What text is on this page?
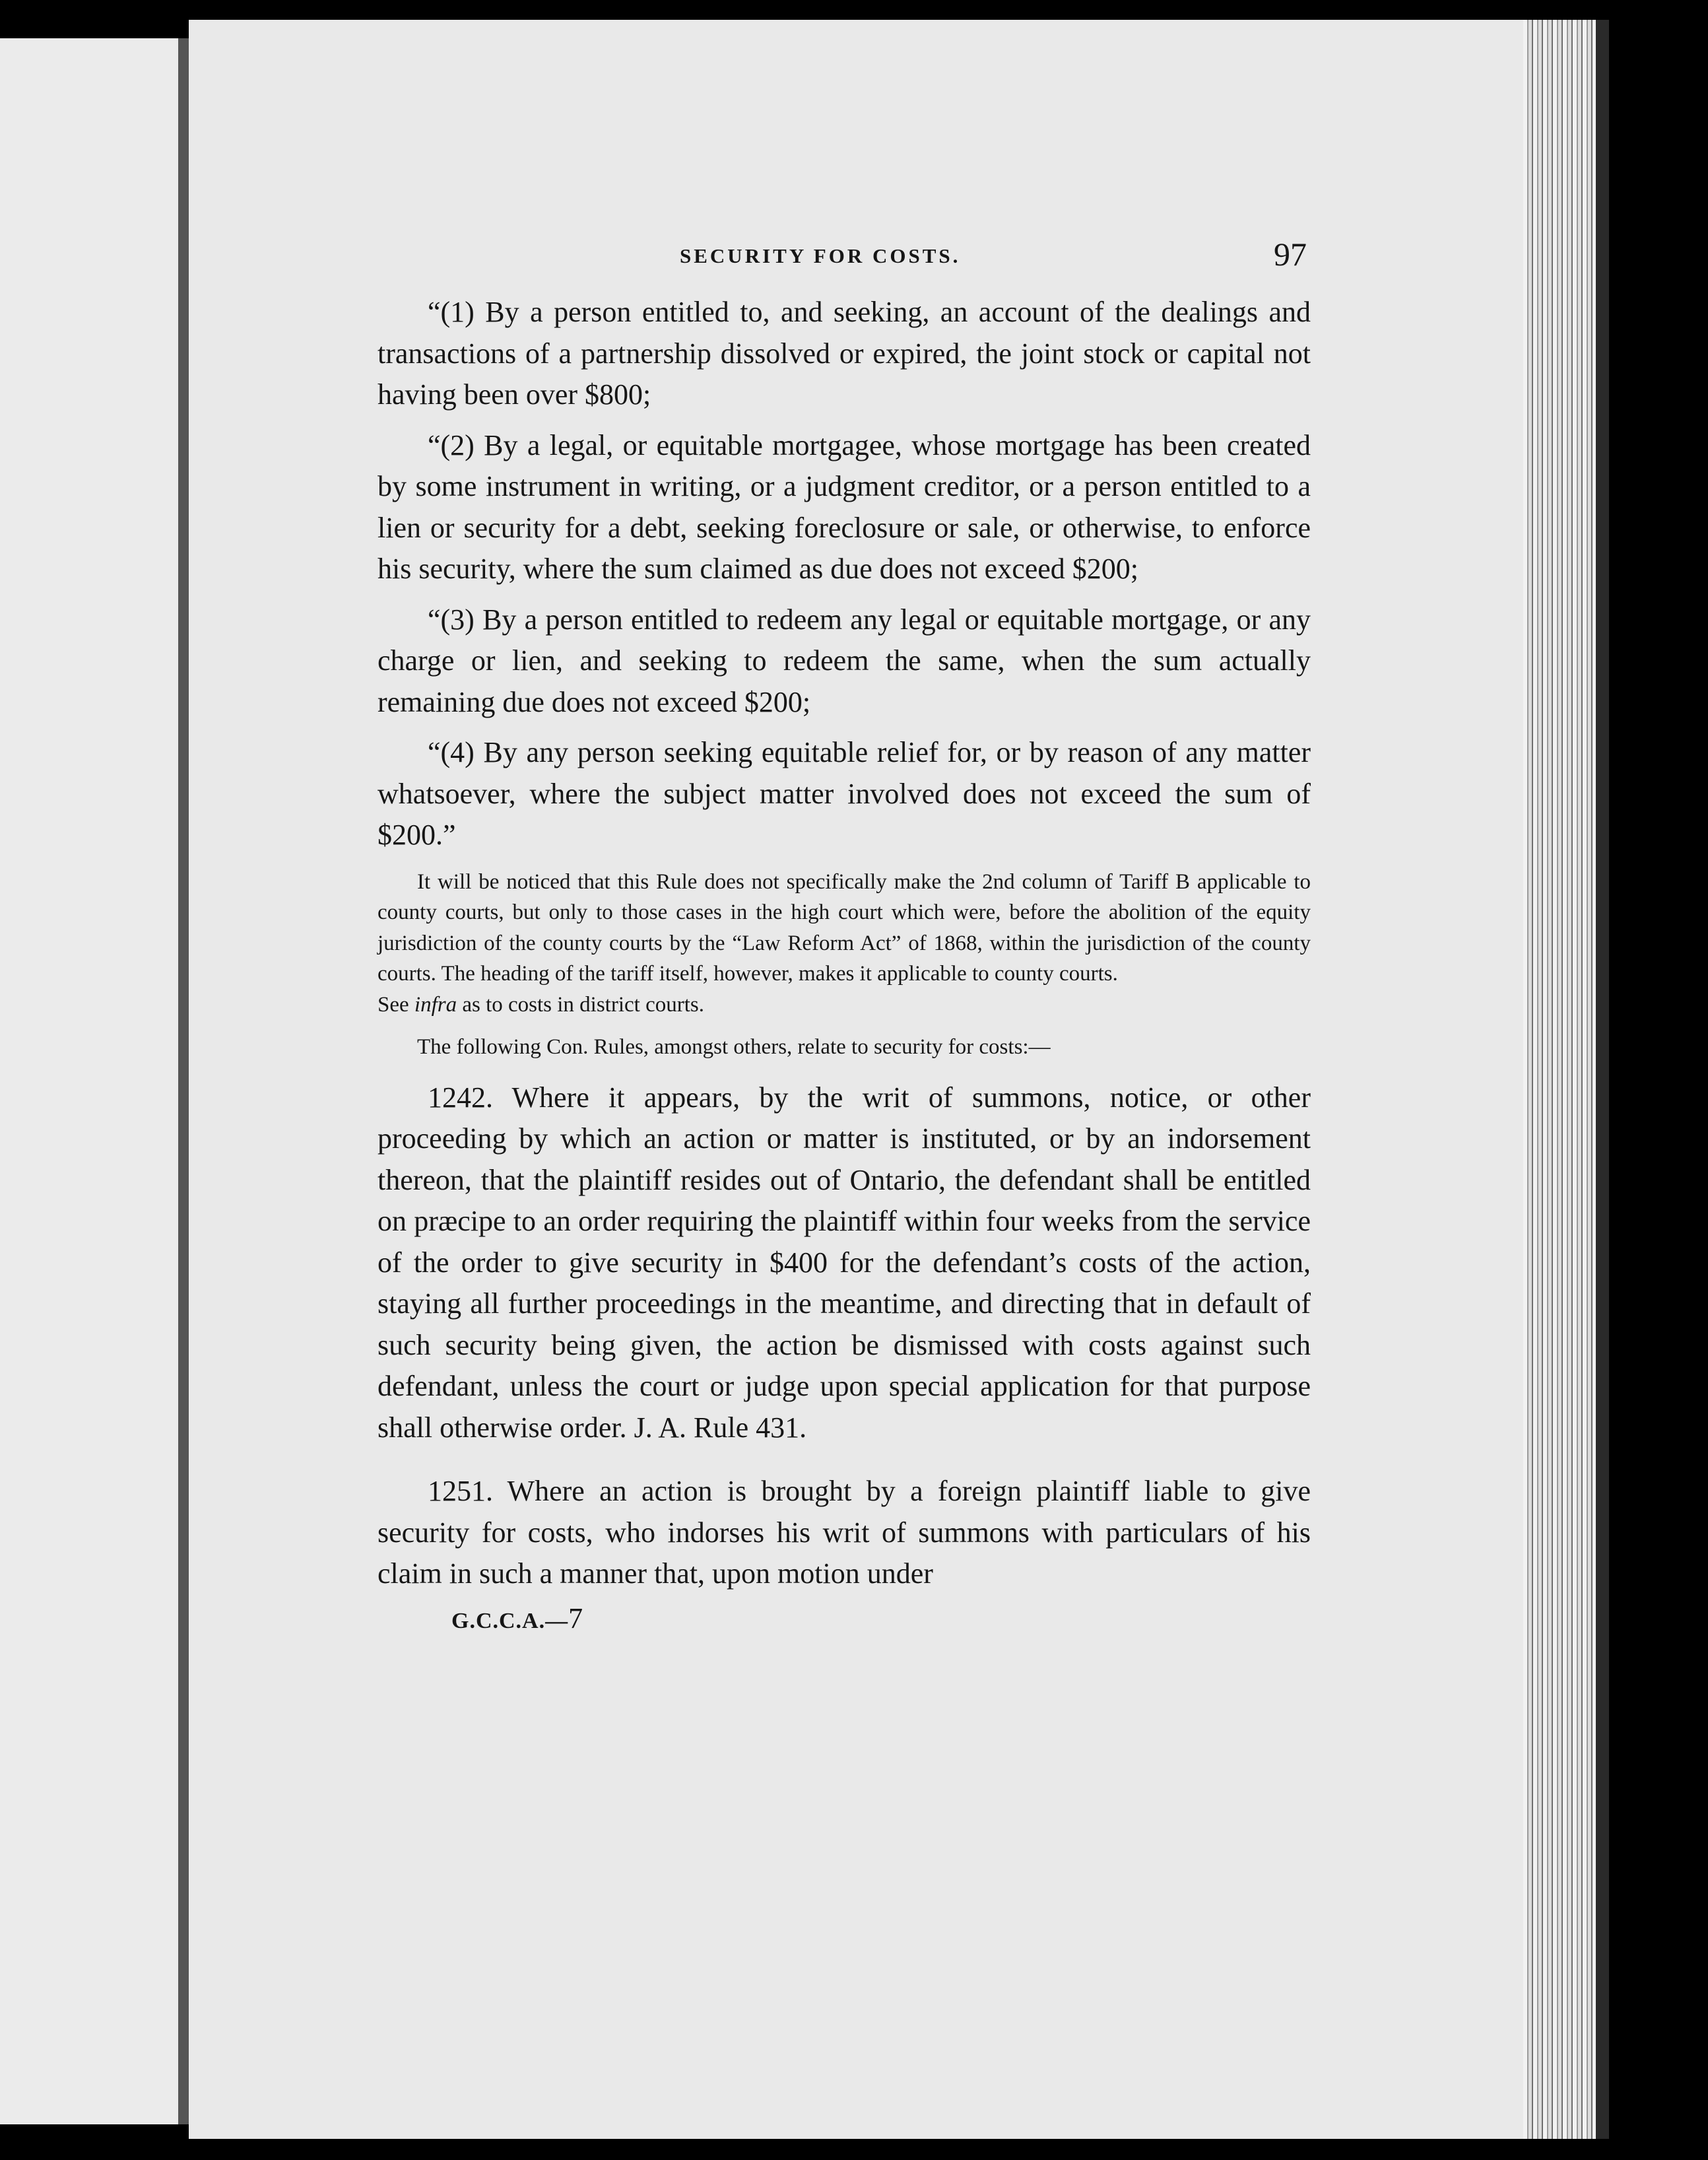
SECURITY FOR COSTS.	97

“(1) By a person entitled to, and seeking, an account of the dealings and transactions of a partnership dissolved or expired, the joint stock or capital not having been over $800;

“(2) By a legal, or equitable mortgagee, whose mortgage has been created by some instrument in writing, or a judgment creditor, or a person entitled to a lien or security for a debt, seeking foreclosure or sale, or otherwise, to enforce his security, where the sum claimed as due does not exceed $200;

“(3) By a person entitled to redeem any legal or equitable mortgage, or any charge or lien, and seeking to redeem the same, when the sum actually remaining due does not exceed $200;

“(4) By any person seeking equitable relief for, or by reason of any matter whatsoever, where the subject matter involved does not exceed the sum of $200.”

It will be noticed that this Rule does not specifically make the 2nd column of Tariff B applicable to county courts, but only to those cases in the high court which were, before the abolition of the equity jurisdiction of the county courts by the “Law Reform Act” of 1868, within the jurisdiction of the county courts. The heading of the tariff itself, however, makes it applicable to county courts.
See infra as to costs in district courts.

The following Con. Rules, amongst others, relate to security for costs:—

1242. Where it appears, by the writ of summons, notice, or other proceeding by which an action or matter is instituted, or by an indorsement thereon, that the plaintiff resides out of Ontario, the defendant shall be entitled on præcipe to an order requiring the plaintiff within four weeks from the service of the order to give security in $400 for the defendant’s costs of the action, staying all further proceedings in the meantime, and directing that in default of such security being given, the action be dismissed with costs against such defendant, unless the court or judge upon special application for that purpose shall otherwise order. J. A. Rule 431.

1251. Where an action is brought by a foreign plaintiff liable to give security for costs, who indorses his writ of summons with particulars of his claim in such a manner that, upon motion under

G.C.C.A.—7
